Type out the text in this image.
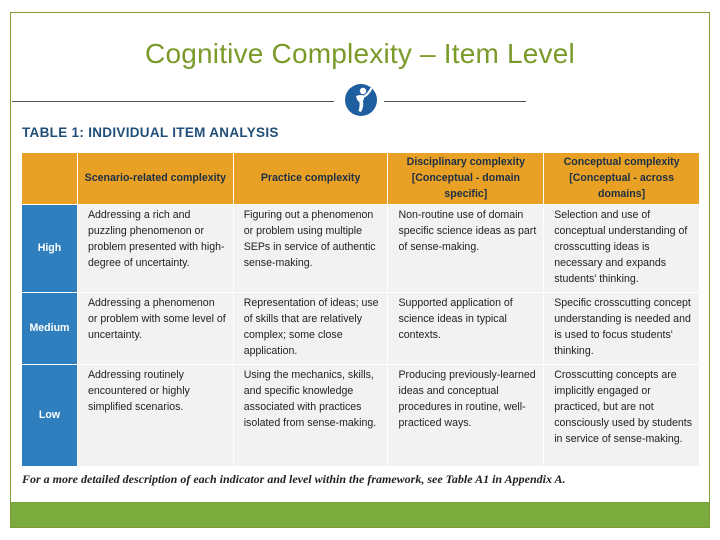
Cognitive Complexity – Item Level
TABLE 1: INDIVIDUAL ITEM ANALYSIS
	Scenario-related complexity	Practice complexity	Disciplinary complexity [Conceptual - domain specific]	Conceptual complexity [Conceptual - across domains]
High	Addressing a rich and puzzling phenomenon or problem presented with high-degree of uncertainty.	Figuring out a phenomenon or problem using multiple SEPs in service of authentic sense-making.	Non-routine use of domain specific science ideas as part of sense-making.	Selection and use of conceptual understanding of crosscutting ideas is necessary and expands students' thinking.
Medium	Addressing a phenomenon or problem with some level of uncertainty.	Representation of ideas; use of skills that are relatively complex; some close application.	Supported application of science ideas in typical contexts.	Specific crosscutting concept understanding is needed and is used to focus students' thinking.
Low	Addressing routinely encountered or highly simplified scenarios.	Using the mechanics, skills, and specific knowledge associated with practices isolated from sense-making.	Producing previously-learned ideas and conceptual procedures in routine, well-practiced ways.	Crosscutting concepts are implicitly engaged or practiced, but are not consciously used by students in service of sense-making.
For a more detailed description of each indicator and level within the framework, see Table A1 in Appendix A.
